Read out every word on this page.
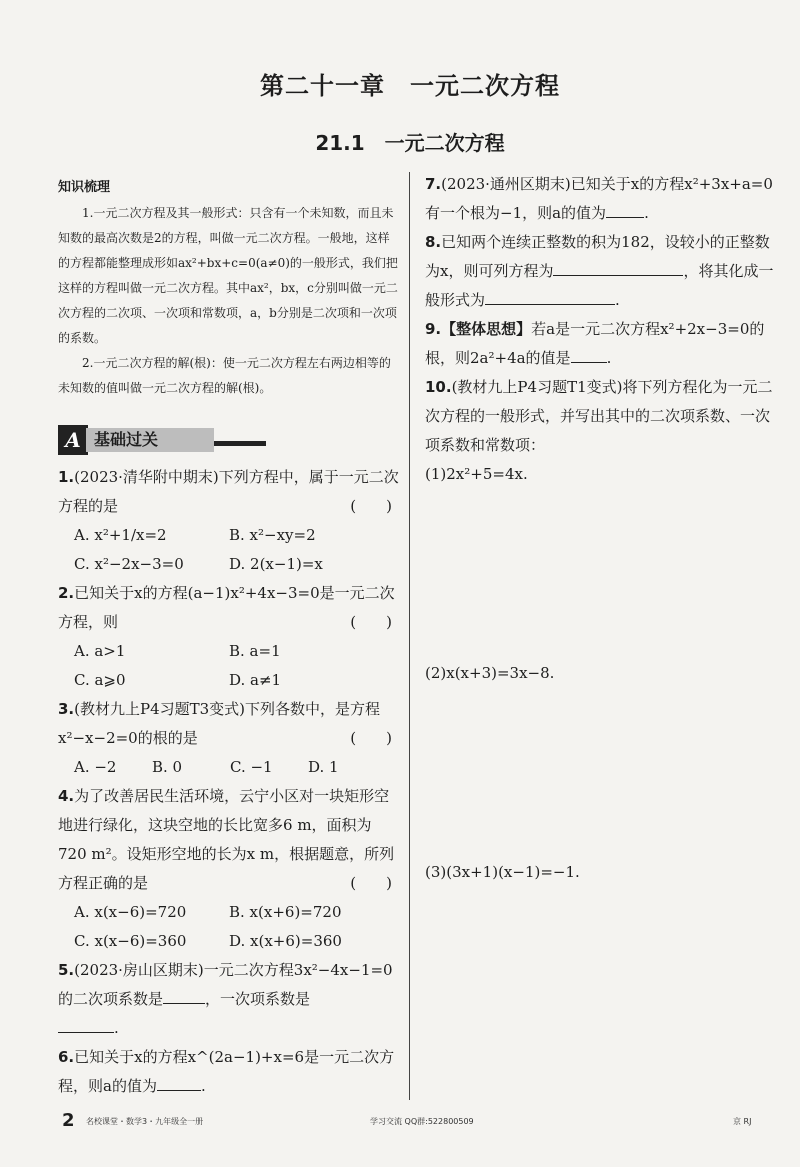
第二十一章　一元二次方程
21.1　一元二次方程
知识梳理

1.一元二次方程及其一般形式：只含有一个未知数，而且未知数的最高次数是2的方程，叫做一元二次方程。一般地，这样的方程都能整理成形如ax²+bx+c=0(a≠0)的一般形式，我们把这样的方程叫做一元二次方程。其中ax²，bx，c分别叫做一元二次方程的二次项、一次项和常数项，a，b分别是二次项和一次项的系数。

2.一元二次方程的解(根)：使一元二次方程左右两边相等的未知数的值叫做一元二次方程的解(根)。

A 基础过关

1.(2023·清华附中期末)下列方程中，属于一元二次方程的是	(　　)

A. x²+1/x=2	B. x²−xy=2
C. x²−2x−3=0	D. 2(x−1)=x

2.已知关于x的方程(a−1)x²+4x−3=0是一元二次方程，则	(　　)

A. a>1	B. a=1
C. a⩾0	D. a≠1

3.(教材九上P4习题T3变式)下列各数中，是方程x²−x−2=0的根的是	(　　)

A. −2	B. 0	C. −1	D. 1

4.为了改善居民生活环境，云宁小区对一块矩形空地进行绿化，这块空地的长比宽多6 m，面积为720 m²。设矩形空地的长为x m，根据题意，所列方程正确的是	(　　)

A. x(x−6)=720	B. x(x+6)=720
C. x(x−6)=360	D. x(x+6)=360

5.(2023·房山区期末)一元二次方程3x²−4x−1=0的二次项系数是	，一次项系数是
.

6.已知关于x的方程x^(2a−1)+x=6是一元二次方程，则a的值为	.

7.(2023·通州区期末)已知关于x的方程x²+3x+a=0有一个根为−1，则a的值为	.

8.已知两个连续正整数的积为182，设较小的正整数为x，则可列方程为	，将其化成一般形式为	.

9.【整体思想】若a是一元二次方程x²+2x−3=0的根，则2a²+4a的值是 .

10.(教材九上P4习题T1变式)将下列方程化为一元二次方程的一般形式，并写出其中的二次项系数、一次项系数和常数项：

(1)2x²+5=4x.

(2)x(x+3)=3x−8.

(3)(3x+1)(x−1)=−1.

2 名校课堂・数学3・九年级全一册	学习交流 QQ群:522800509	京 RJ
